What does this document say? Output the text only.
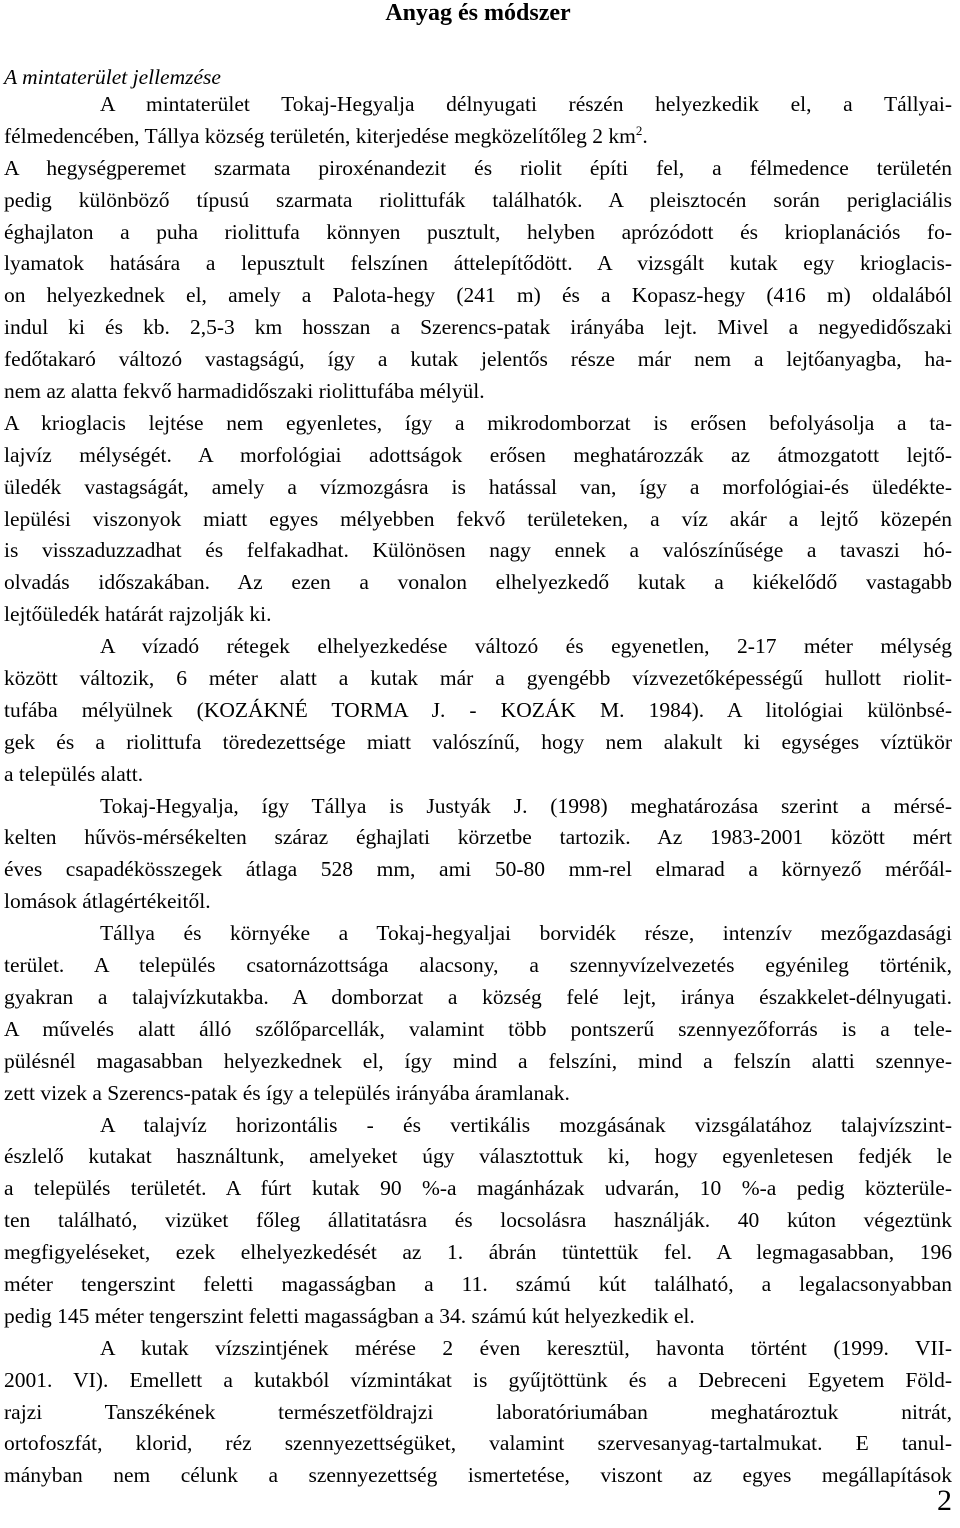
Anyag és módszer
A mintaterület jellemzése
A mintaterület Tokaj-Hegyalja délnyugati részén helyezkedik el, a Tállyai-
félmedencében, Tállya község területén, kiterjedése megközelítőleg 2 $km^2$.
A hegységperemet szarmata piroxénandezit és riolit építi fel, a félmedence területén
pedig különböző típusú szarmata riolittufák találhatók. A pleisztocén során periglaciális
éghajlaton a puha riolittufa könnyen pusztult, helyben aprózódott és krioplanációs fo-
lyamatok hatására a lepusztult felszínen áttelepítődött. A vizsgált kutak egy krioglacis-
on helyezkednek el, amely a Palota-hegy (241 m) és a Kopasz-hegy (416 m) oldalából
indul ki és kb. 2,5-3 km hosszan a Szerencs-patak irányába lejt. Mivel a negyedidőszaki
fedőtakaró változó vastagságú, így a kutak jelentős része már nem a lejtőanyagba, ha-
nem az alatta fekvő harmadidőszaki riolittufába mélyül.
A krioglacis lejtése nem egyenletes, így a mikrodomborzat is erősen befolyásolja a ta-
lajvíz mélységét. A morfológiai adottságok erősen meghatározzák az átmozgatott lejtő-
üledék vastagságát, amely a vízmozgásra is hatással van, így a morfológiai-és üledékte-
lepülési viszonyok miatt egyes mélyebben fekvő területeken, a víz akár a lejtő közepén
is visszaduzzadhat és felfakadhat. Különösen nagy ennek a valószínűsége a tavaszi hó-
olvadás időszakában. Az ezen a vonalon elhelyezkedő kutak a kiékelődő vastagabb
lejtőüledék határát rajzolják ki.
A vízadó rétegek elhelyezkedése változó és egyenetlen, 2-17 méter mélység
között változik, 6 méter alatt a kutak már a gyengébb vízvezetőképességű hullott riolit-
tufába mélyülnek (KOZÁKNÉ TORMA J. - KOZÁK M. 1984). A litológiai különbsé-
gek és a riolittufa töredezettsége miatt valószínű, hogy nem alakult ki egységes víztükör
a település alatt.
Tokaj-Hegyalja, így Tállya is Justyák J. (1998) meghatározása szerint a mérsé-
kelten hűvös-mérsékelten száraz éghajlati körzetbe tartozik. Az 1983-2001 között mért
éves csapadékösszegek átlaga 528 mm, ami 50-80 mm-rel elmarad a környező mérőál-
lomások átlagértékeitől.
Tállya és környéke a Tokaj-hegyaljai borvidék része, intenzív mezőgazdasági
terület. A település csatornázottsága alacsony, a szennyvízelvezetés egyénileg történik,
gyakran a talajvízkutakba. A domborzat a község felé lejt, iránya északkelet-délnyugati.
A művelés alatt álló szőlőparcellák, valamint több pontszerű szennyezőforrás is a tele-
pülésnél magasabban helyezkednek el, így mind a felszíni, mind a felszín alatti szennye-
zett vizek a Szerencs-patak és így a település irányába áramlanak.
A talajvíz horizontális - és vertikális mozgásának vizsgálatához talajvízszint-
észlelő kutakat használtunk, amelyeket úgy választottuk ki, hogy egyenletesen fedjék le
a település területét. A fúrt kutak 90 %-a magánházak udvarán, 10 %-a pedig közterüle-
ten található, vizüket főleg állatitatásra és locsolásra használják. 40 kúton végeztünk
megfigyeléseket, ezek elhelyezkedését az 1. ábrán tüntettük fel. A legmagasabban, 196
méter tengerszint feletti magasságban a 11. számú kút található, a legalacsonyabban
pedig 145 méter tengerszint feletti magasságban a 34. számú kút helyezkedik el.
A kutak vízszintjének mérése 2 éven keresztül, havonta történt (1999. VII-
2001. VI). Emellett a kutakból vízmintákat is gyűjtöttünk és a Debreceni Egyetem Föld-
rajzi Tanszékének természetföldrajzi laboratóriumában meghatároztuk nitrát,
ortofoszfát, klorid, réz szennyezettségüket, valamint szervesanyag-tartalmukat. E tanul-
mányban nem célunk a szennyezettség ismertetése, viszont az egyes megállapítások
2
